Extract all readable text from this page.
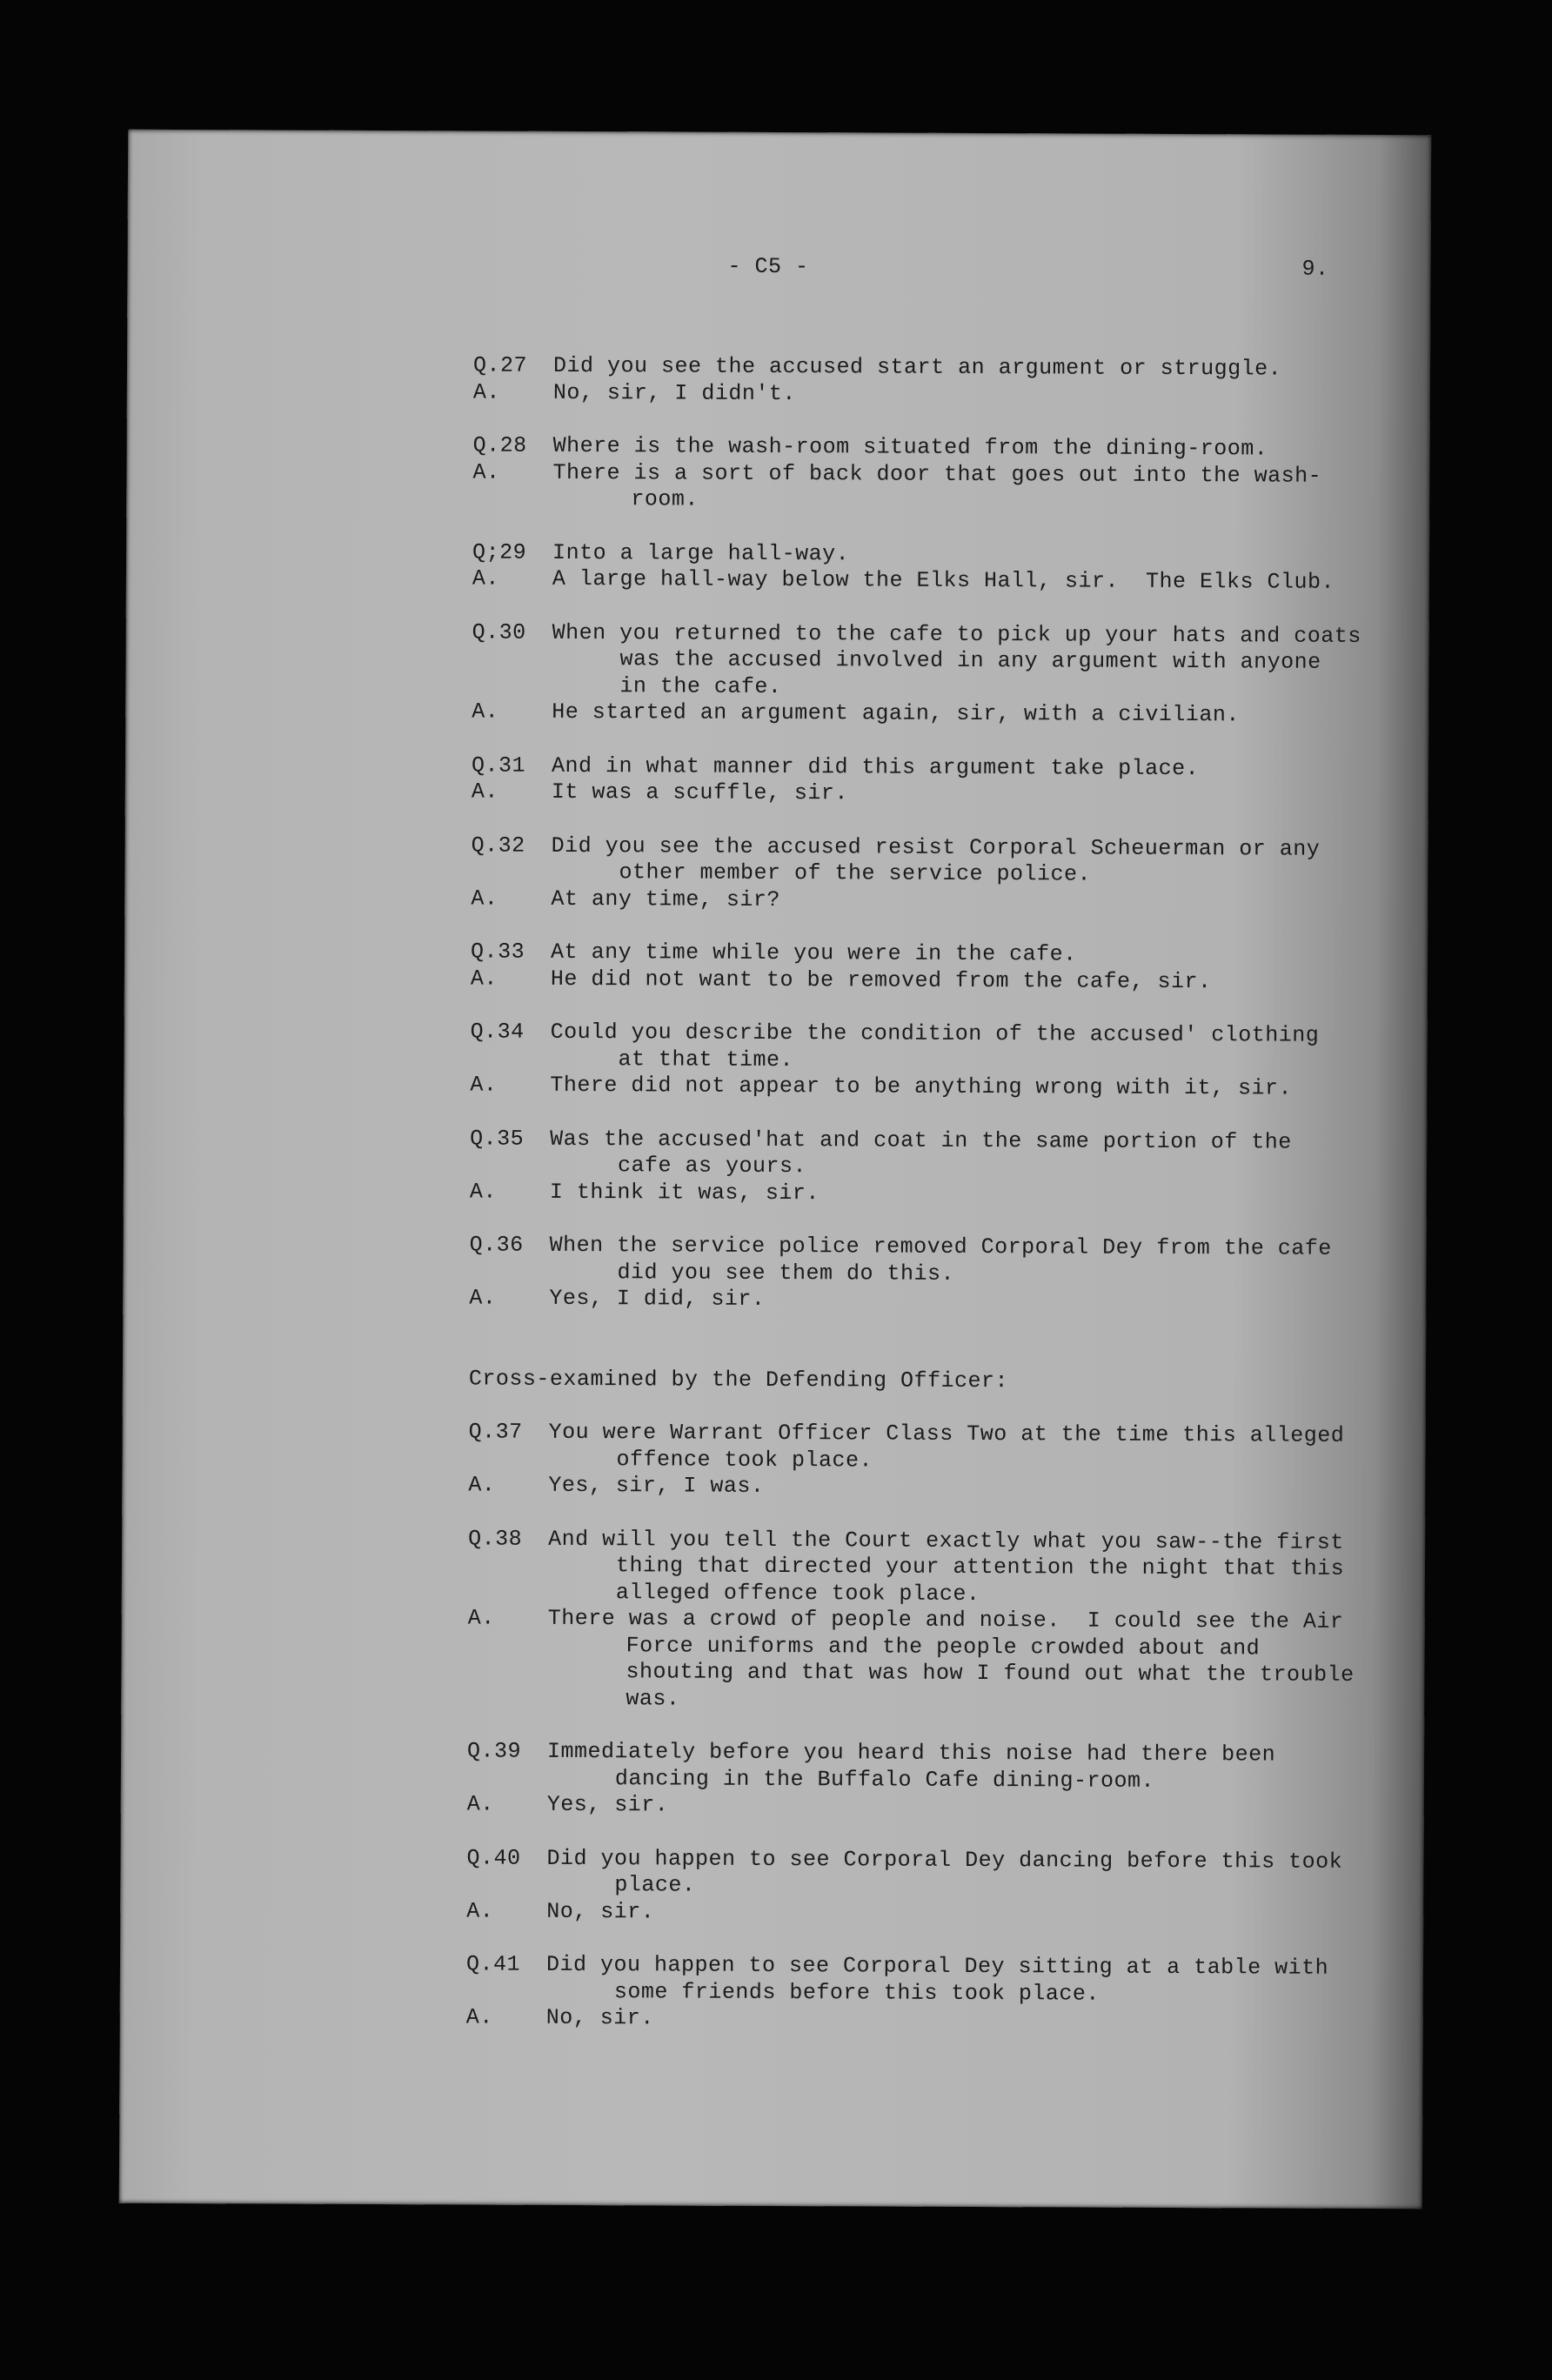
- C5 -	9.
Q.27 Did you see the accused start an argument or struggle.
A. No, sir, I didn't.
Q.28 Where is the wash-room situated from the dining-room.
A. There is a sort of back door that goes out into the wash-
room.
Q;29 Into a large hall-way.
A. A large hall-way below the Elks Hall, sir.  The Elks Club.
Q.30 When you returned to the cafe to pick up your hats and coats
was the accused involved in any argument with anyone
in the cafe.
A. He started an argument again, sir, with a civilian.
Q.31 And in what manner did this argument take place.
A. It was a scuffle, sir.
Q.32 Did you see the accused resist Corporal Scheuerman or any
other member of the service police.
A. At any time, sir?
Q.33 At any time while you were in the cafe.
A. He did not want to be removed from the cafe, sir.
Q.34 Could you describe the condition of the accused' clothing
at that time.
A. There did not appear to be anything wrong with it, sir.
Q.35 Was the accused'hat and coat in the same portion of the
cafe as yours.
A. I think it was, sir.
Q.36 When the service police removed Corporal Dey from the cafe
did you see them do this.
A. Yes, I did, sir.
Cross-examined by the Defending Officer:
Q.37 You were Warrant Officer Class Two at the time this alleged
offence took place.
A. Yes, sir, I was.
Q.38 And will you tell the Court exactly what you saw--the first
thing that directed your attention the night that this
alleged offence took place.
A. There was a crowd of people and noise.  I could see the Air
Force uniforms and the people crowded about and
shouting and that was how I found out what the trouble
was.
Q.39 Immediately before you heard this noise had there been
dancing in the Buffalo Cafe dining-room.
A. Yes, sir.
Q.40 Did you happen to see Corporal Dey dancing before this took
place.
A. No, sir.
Q.41 Did you happen to see Corporal Dey sitting at a table with
some friends before this took place.
A. No, sir.
